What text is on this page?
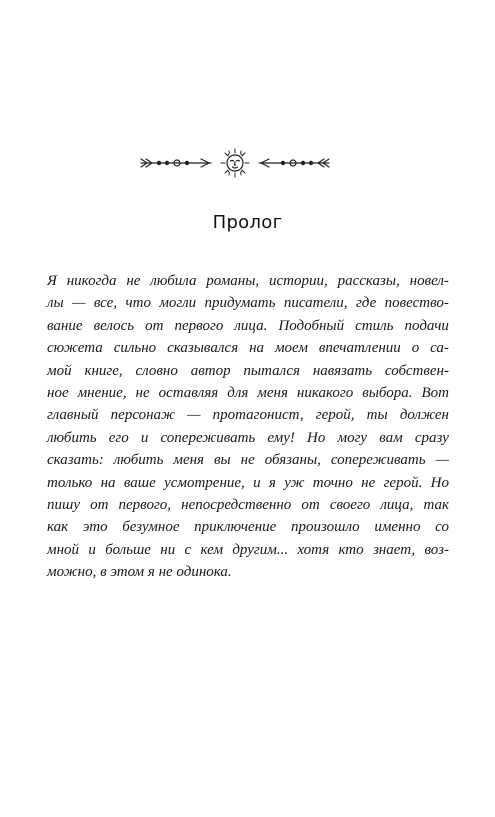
Пролог
Я никогда не любила романы, истории, рассказы, новел-
лы — все, что могли придумать писатели, где повество-
вание велось от первого лица. Подобный стиль подачи
сюжета сильно сказывался на моем впечатлении о са-
мой книге, словно автор пытался навязать собствен-
ное мнение, не оставляя для меня никакого выбора. Вот
главный персонаж — протагонист, герой, ты должен
любить его и сопереживать ему! Но могу вам сразу
сказать: любить меня вы не обязаны, сопереживать —
только на ваше усмотрение, и я уж точно не герой. Но
пишу от первого, непосредственно от своего лица, так
как это безумное приключение произошло именно со
мной и больше ни с кем другим... хотя кто знает, воз-
можно, в этом я не одинока.
